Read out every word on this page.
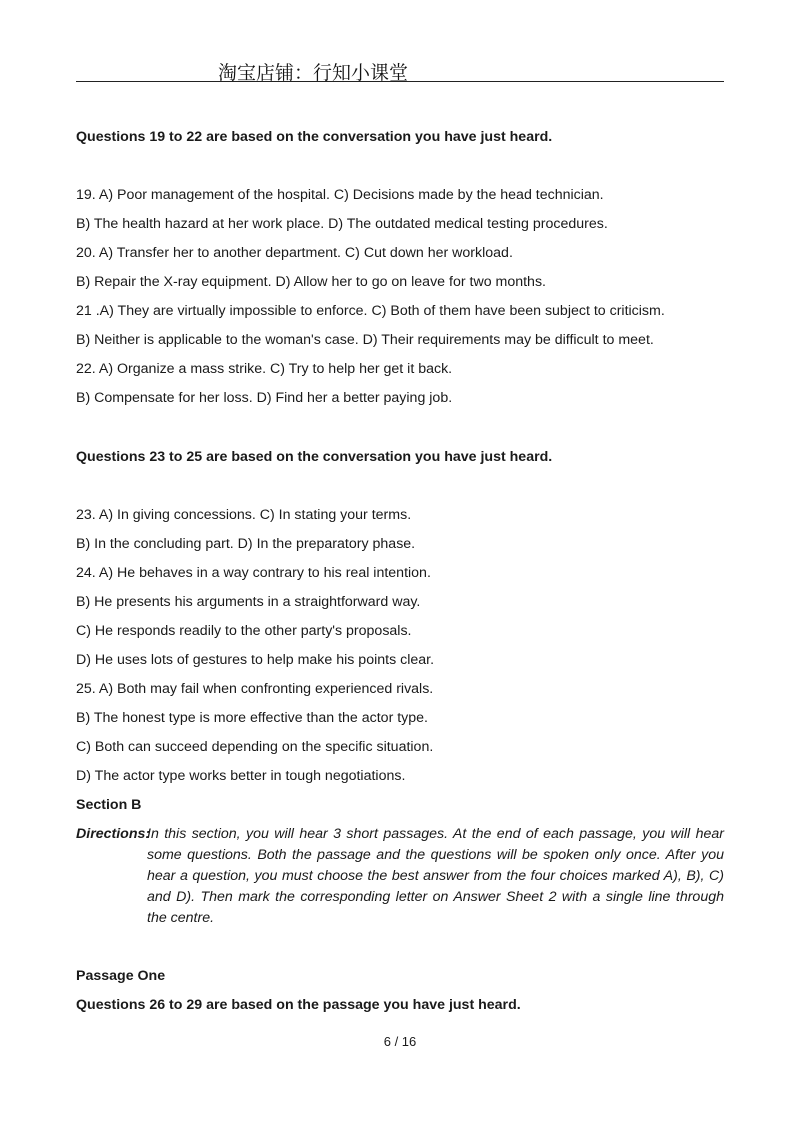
淘宝店铺：行知小课堂
Questions 19 to 22 are based on the conversation you have just heard.
19. A) Poor management of the hospital. C) Decisions made by the head technician.
B) The health hazard at her work place. D) The outdated medical testing procedures.
20. A) Transfer her to another department. C) Cut down her workload.
B) Repair the X-ray equipment. D) Allow her to go on leave for two months.
21 .A) They are virtually impossible to enforce. C) Both of them have been subject to criticism.
B) Neither is applicable to the woman's case. D) Their requirements may be difficult to meet.
22. A) Organize a mass strike. C) Try to help her get it back.
B) Compensate for her loss. D) Find her a better paying job.
Questions 23 to 25 are based on the conversation you have just heard.
23. A) In giving concessions. C) In stating your terms.
B) In the concluding part. D) In the preparatory phase.
24. A) He behaves in a way contrary to his real intention.
B) He presents his arguments in a straightforward way.
C) He responds readily to the other party's proposals.
D) He uses lots of gestures to help make his points clear.
25. A) Both may fail when confronting experienced rivals.
B) The honest type is more effective than the actor type.
C) Both can succeed depending on the specific situation.
D) The actor type works better in tough negotiations.
Section B
Directions:
In this section, you will hear 3 short passages. At the end of each passage, you will hear some questions. Both the passage and the questions will be spoken only once. After you hear a question, you must choose the best answer from the four choices marked A), B), C) and D). Then mark the corresponding letter on Answer Sheet 2 with a single line through the centre.
Passage One
Questions 26 to 29 are based on the passage you have just heard.
6 / 16
